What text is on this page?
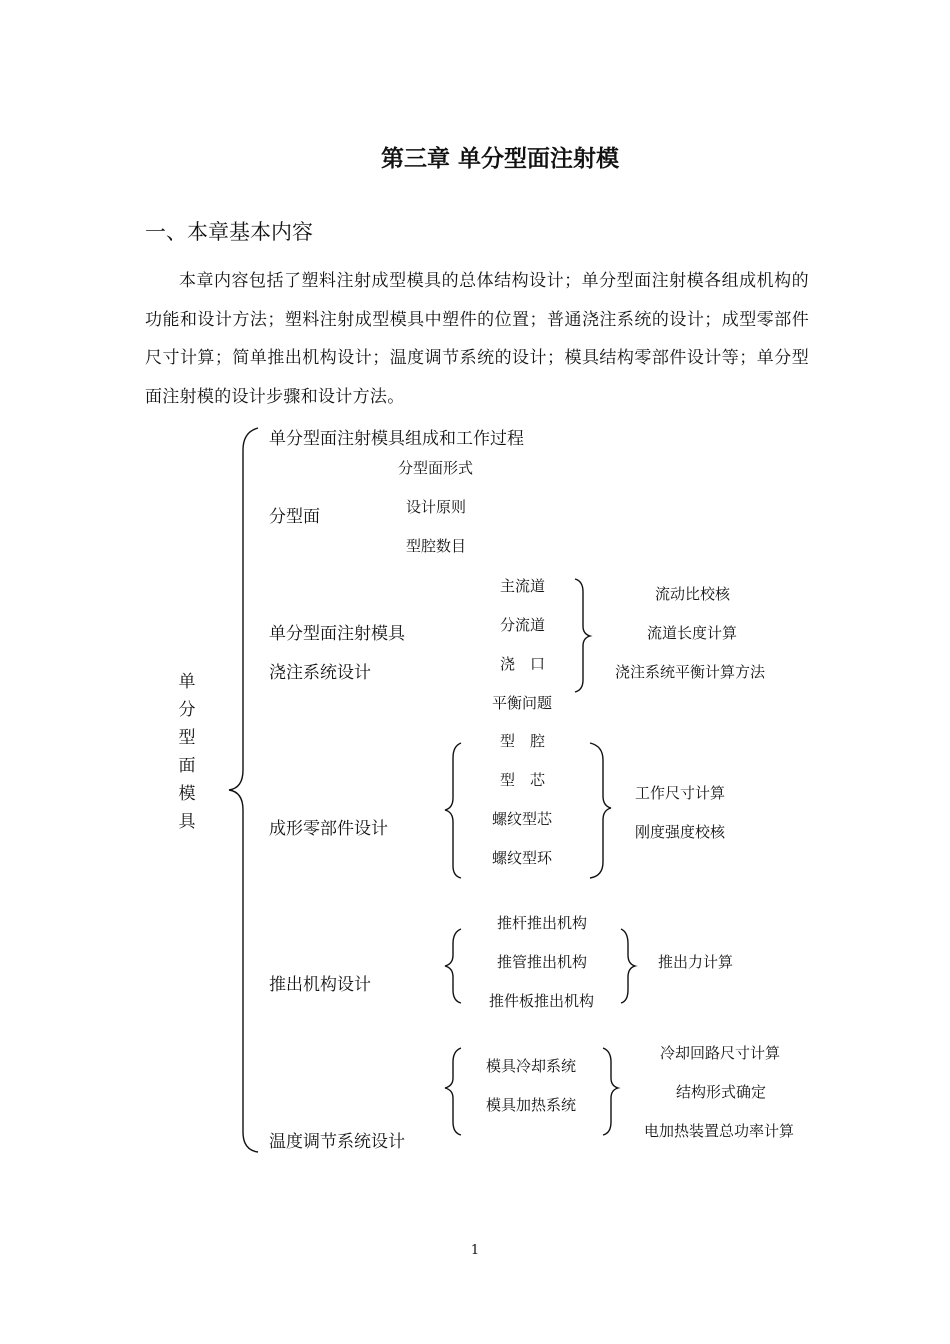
第三章 单分型面注射模
一、本章基本内容
本章内容包括了塑料注射成型模具的总体结构设计；单分型面注射模各组成机构的功能和设计方法；塑料注射成型模具中塑件的位置；普通浇注系统的设计；成型零部件尺寸计算；简单推出机构设计；温度调节系统的设计；模具结构零部件设计等；单分型面注射模的设计步骤和设计方法。
单分型面模具
单分型面注射模具组成和工作过程
分型面
分型面形式
设计原则
型腔数目
单分型面注射模具
浇注系统设计
主流道
分流道
浇　口
平衡问题
流动比校核
流道长度计算
浇注系统平衡计算方法
成形零部件设计
型　腔
型　芯
螺纹型芯
螺纹型环
工作尺寸计算
刚度强度校核
推出机构设计
推杆推出机构
推管推出机构
推件板推出机构
推出力计算
温度调节系统设计
模具冷却系统
模具加热系统
冷却回路尺寸计算
结构形式确定
电加热装置总功率计算
1
